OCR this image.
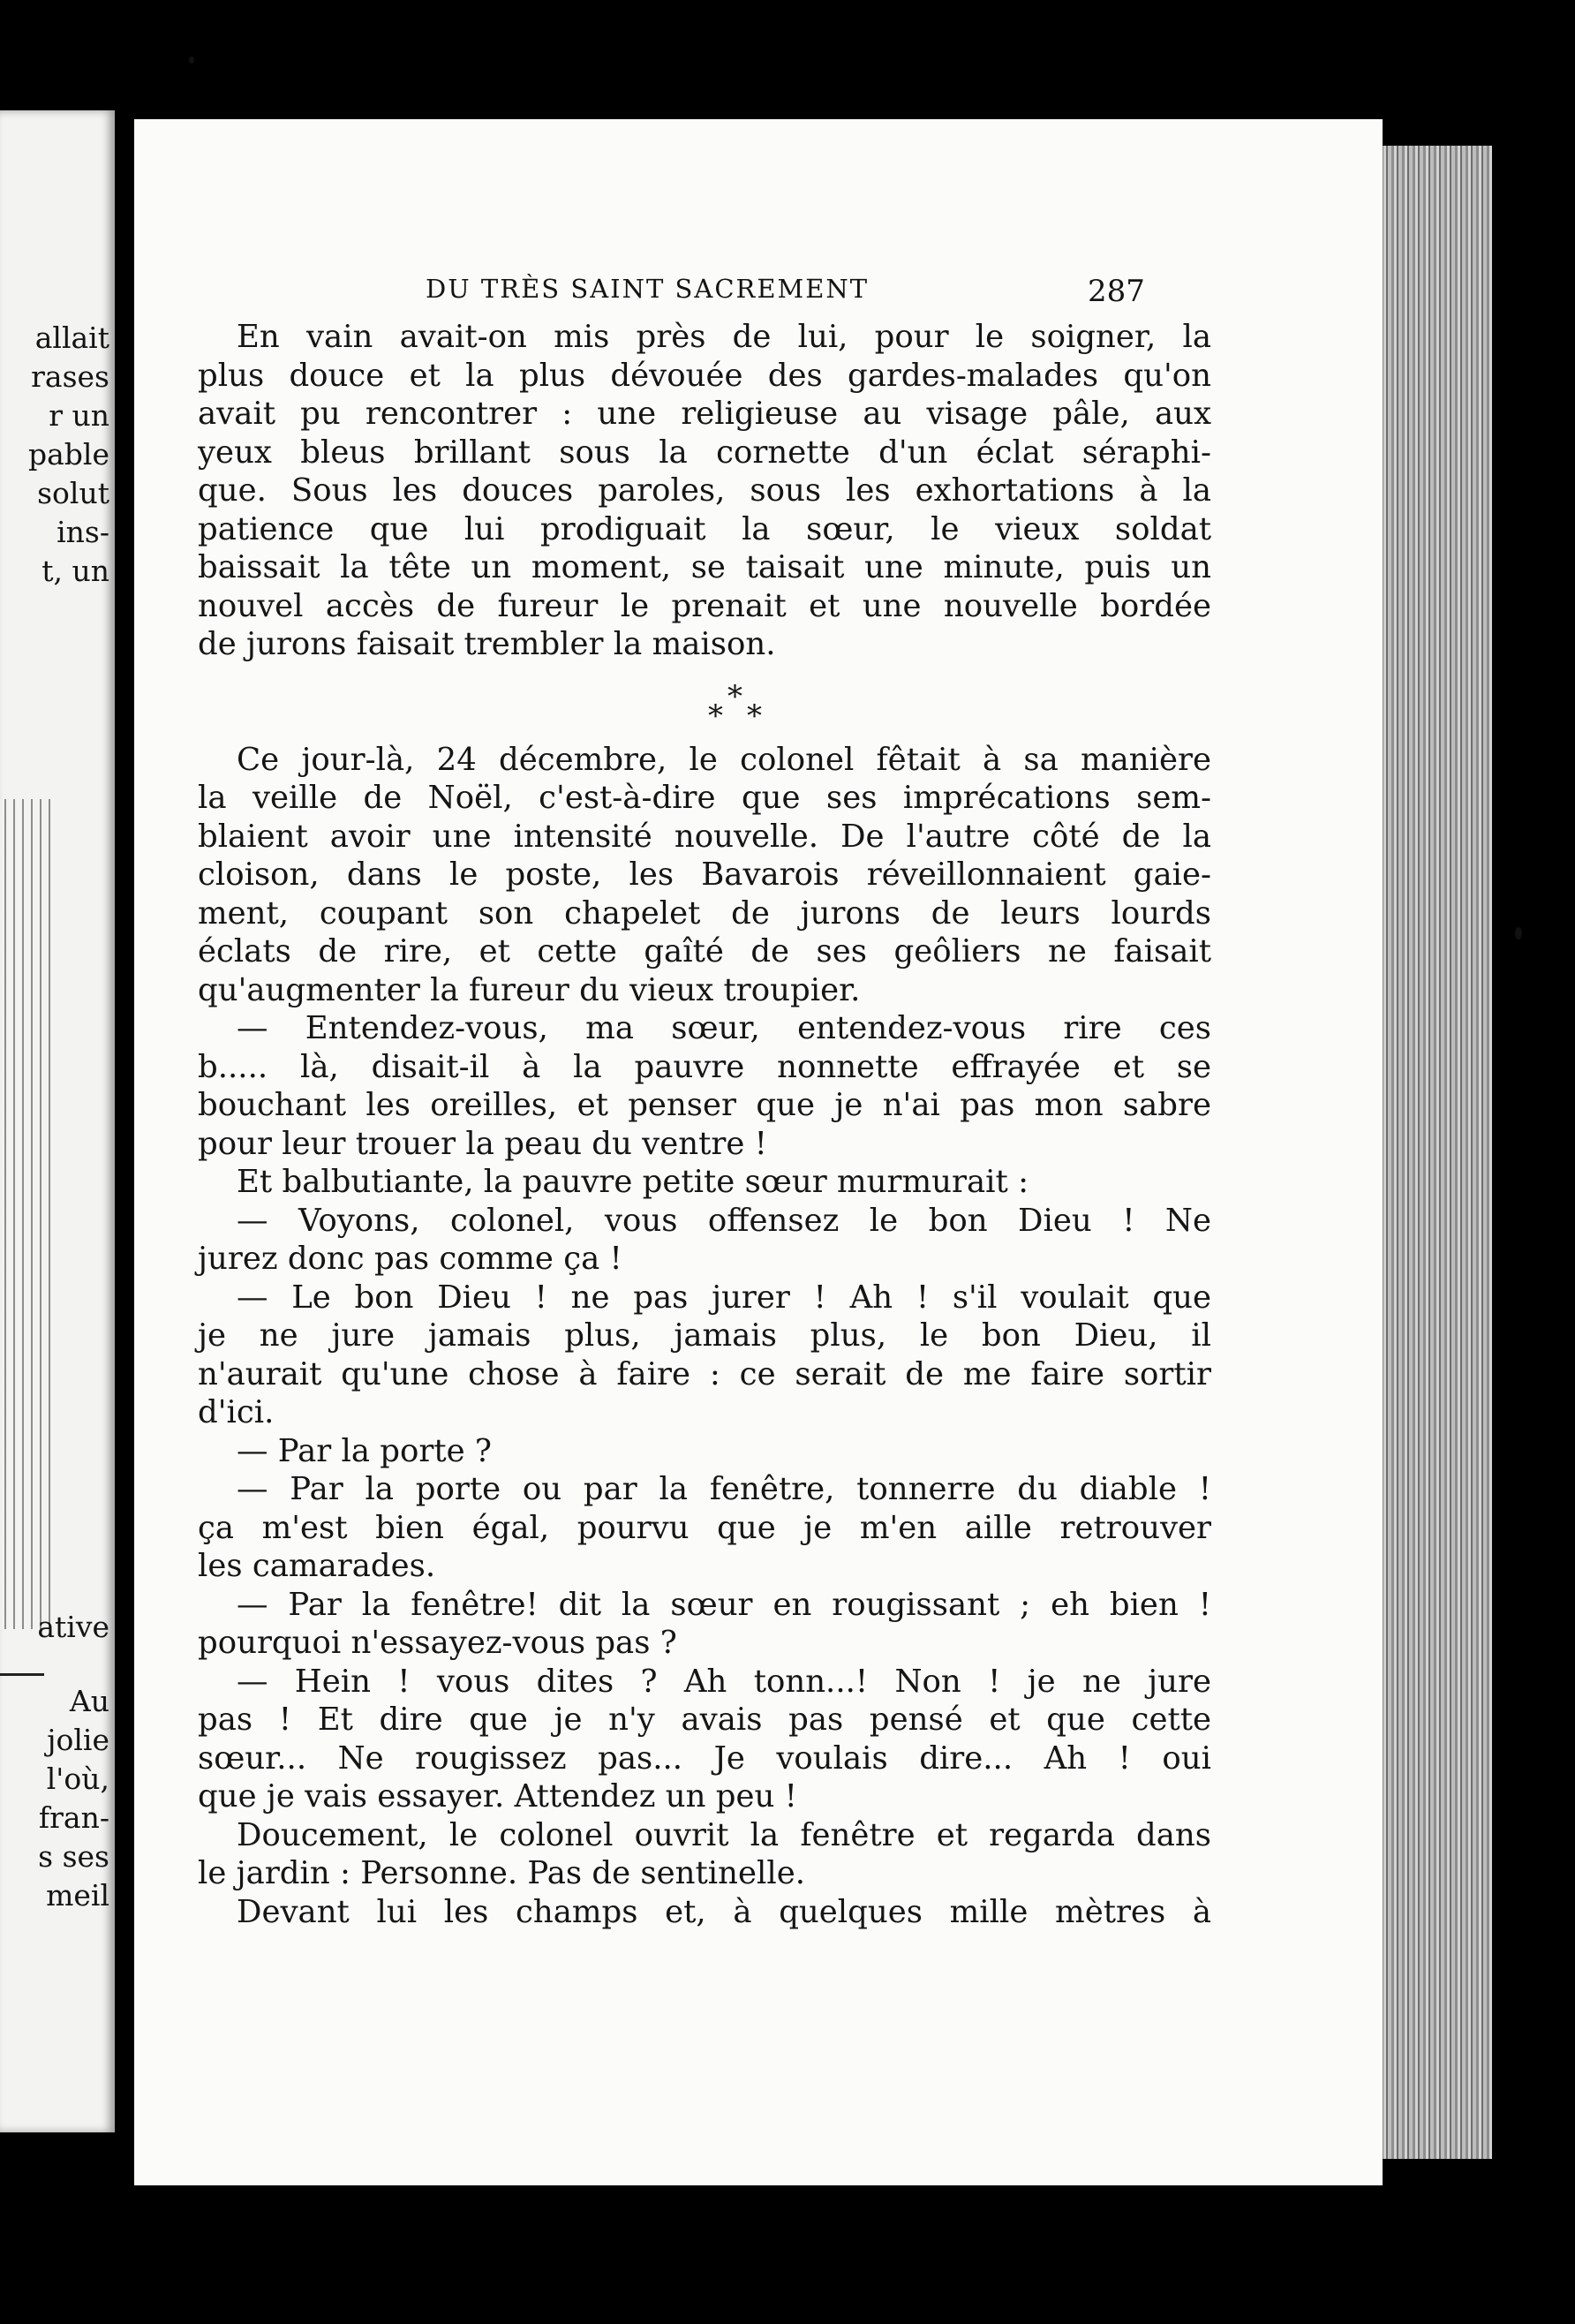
allait

rases

r un

pable

solut

ins-

t, un

ative

Au

jolie

l'où,

fran-

s ses

meil

DU TRÈS SAINT SACREMENT	287
En vain avait-on mis près de lui, pour le soigner, la
plus douce et la plus dévouée des gardes-malades qu'on
avait pu rencontrer : une religieuse au visage pâle, aux
yeux bleus brillant sous la cornette d'un éclat séraphi-
que. Sous les douces paroles, sous les exhortations à la
patience que lui prodiguait la sœur, le vieux soldat
baissait la tête un moment, se taisait une minute, puis un
nouvel accès de fureur le prenait et une nouvelle bordée
de jurons faisait trembler la maison.
*
* *
Ce jour-là, 24 décembre, le colonel fêtait à sa manière
la veille de Noël, c'est-à-dire que ses imprécations sem-
blaient avoir une intensité nouvelle. De l'autre côté de la
cloison, dans le poste, les Bavarois réveillonnaient gaie-
ment, coupant son chapelet de jurons de leurs lourds
éclats de rire, et cette gaîté de ses geôliers ne faisait
qu'augmenter la fureur du vieux troupier.
— Entendez-vous, ma sœur, entendez-vous rire ces
b..... là, disait-il à la pauvre nonnette effrayée et se
bouchant les oreilles, et penser que je n'ai pas mon sabre
pour leur trouer la peau du ventre !
Et balbutiante, la pauvre petite sœur murmurait :
— Voyons, colonel, vous offensez le bon Dieu ! Ne
jurez donc pas comme ça !
— Le bon Dieu ! ne pas jurer ! Ah ! s'il voulait que
je ne jure jamais plus, jamais plus, le bon Dieu, il
n'aurait qu'une chose à faire : ce serait de me faire sortir
d'ici.
— Par la porte ?
— Par la porte ou par la fenêtre, tonnerre du diable !
ça m'est bien égal, pourvu que je m'en aille retrouver
les camarades.
— Par la fenêtre! dit la sœur en rougissant ; eh bien !
pourquoi n'essayez-vous pas ?
— Hein ! vous dites ? Ah tonn...! Non ! je ne jure
pas ! Et dire que je n'y avais pas pensé et que cette
sœur... Ne rougissez pas... Je voulais dire... Ah ! oui
que je vais essayer. Attendez un peu !
Doucement, le colonel ouvrit la fenêtre et regarda dans
le jardin : Personne. Pas de sentinelle.
Devant lui les champs et, à quelques mille mètres à
